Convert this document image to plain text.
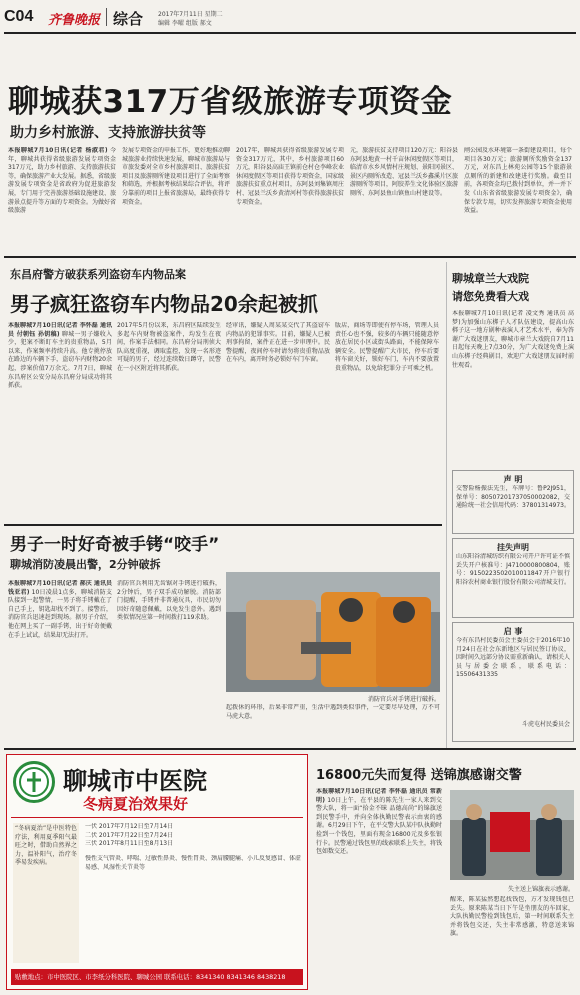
C04 齐鲁晚报 综合 2017年7月11日 星期二
编辑 李曜 组版 郝文
聊城获317万省级旅游专项资金
助力乡村旅游、支持旅游扶贫等
本报聊城7月10日讯(记者 杨淑君) 今年，聊城共获得省级旅游发展专项资金317万元，助力乡村旅游、支持旅游扶贫等，确保旅游产业大发展。据悉，省级旅游发展专项资金是省政府为促进旅游发展，专门用于完善旅游基础设施建设、旅游景点提升等方面的专项资金。为做好省级旅游
发展专项资金的申报工作，更好地推动聊城旅游业持续快速发展，聊城市旅游局与市旅发委对全市乡村旅游项目、旅游扶贫项目及旅游厕所建设项目进行了全面考察和筛选，并根据考核结果综合评估，将评分靠前的项目上报省旅游局，最终获得专项资金。
2017年，聊城共获得省级旅游发展专项资金317万元，其中，乡村旅游项目60万元，阳谷县高庙王镇前仓村仓李峰农业休闲度假区等项目获得专项资金，国家级旅游扶贫重点村项目，东阿县刘集镇周庄村、冠县兰沃乡黄清河村等获得旅游扶贫专项资金。
元，旅游扶贫支持项目120万元：阳谷县东阿县地黄一村千亩休闲度假区等项目，临清市水乡风情村庄规划、景阳冈景区、景区内厕所改造、冠县兰沃乡鑫溪片区旅游厕所等项目，阿胶养生文化体验区旅游厕所、东阿县鱼山镇鱼山村建设等。
闸公园及水环境第一条街建设项目，每个项目各30万元；旅游厕所奖励资金137万元，对东昌上林苑公园等15个旅游景点厕所的新建和改建进行奖励。截至目前，各项资金均已拨付到单位，并一并下发《山东省省级旅游发展专项资金》，确保专款专用，切实发挥旅游专项资金使用效益。
东昌府警方破获系列盗窃车内物品案
男子疯狂盗窃车内物品20余起被抓
本报聊城7月10日讯(记者 李怀磊 通讯员 付朝钰 孙钥稿) 聊城一男子嫌收入少，犯案不断盯车主的贵重物品，5月以来，作案频率持续升高。他专挑停放在路边的车辆下手，盗窃车内财物20余起，涉案价值7万余元。7月7日，聊城东昌府区公安分局东昌府分局成功将其抓获。
2017年5月份以来，东昌府区陆续发生多起车内财物被盗案件，均发生在夜间，作案手法相同。东昌府分局刑侦大队高度重视，调取监控，发现一名形迹可疑的男子，经过连续数日蹲守，民警在一小区附近将其抓获。
经审讯，嫌疑人周某某交代了其盗窃车内物品的犯罪事实。目前，嫌疑人已被刑事拘留，案件正在进一步审理中。民警提醒，夜间停车时请勿将贵重物品放在车内，离开时务必锁好车门车窗。
版店，商场等即使有停车场，管理人员责任心也不强，较多的车辆只能随意停放在居民小区或街头路面，不能保障车辆安全。民警提醒广大市民，停车后要将车窗关好，锁好车门，车内不要放置贵重物品，以免给犯罪分子可乘之机。
聊城章兰大戏院
请您免费看大戏
本报聊城7月10日讯(记者 凌文秀 通讯员 高梦)为加强山东梆子人才队伍建设，提高山东梆子这一地方剧种表演人才艺术水平，奉为答谢广大戏迷朋友，聊城市章兰大戏院自7月11日起每天晚上7点30分，为广大戏迷免费上演山东梆子经典剧目，欢迎广大戏迷朋友届时前往观看。
声 明
交警险杨振法先生，车牌号：鲁P2J951，保单号：80507201737050002082，交通险统一社会信用代码：37801314973。
挂失声明
山东阳谷清城纺织有限公司开户许可证不慎丢失开户核准号：J4710000800804，账号：9150223502010011847开户银行阳谷农村商业银行股份有限公司清城支行。
启 事
今有东昌村民委员会主委员会于2016年10月24日在社会东新地区与居民签订协议，因时间久远部分协议需重新确认，请相关人员与居委会联系，联系电话：15506431335
斗虎屯村民委员会
男子一时好奇被手铐“咬手”
聊城消防凌晨出警，2分钟破拆
本报聊城7月10日讯(记者 郝庆 通讯员 钱亚君) 10日凌晨1点多，聊城消防支队接到一起警情，一男子将手铐戴在了自己手上，钥匙却找不到了。接警后，消防官兵迅速赶到现场。据男子介绍，他在网上买了一副手铐，出于好奇便戴在手上试试，结果却无法打开。
消防官兵利用无齿锯对手铐进行破拆，2分钟后，男子双手成功解脱。消防部门提醒，手铐并非普通玩具，市民切勿因好奇随意佩戴，以免发生意外。遇到类似情况应第一时间拨打119求助。
消防官兵对手铐进行破拆。
起拨休的环形，后果非常严重，生活中遇到类似事件，一定要尽早处理，万不可马虎大意。
聊城市中医院
冬病夏治效果好
“冬病夏治”是中医特色疗法，利用夏季阳气最旺之时，借助自然界之力，温补阳气，治疗冬季易发疾病。
一伏 2017年7月12日至7月14日
二伏 2017年7月22日至7月24日
三伏 2017年8月11日至8月13日
慢性支气管炎、哮喘、过敏性鼻炎、慢性胃炎、颈肩腰腿痛、小儿反复感冒、体虚易感、风湿性关节炎等
贴敷地点：市中医院区、市李纸分科医院、聊城公园 联系电话：8341340 8341346 8438218
16800元失而复得 送锦旗感谢交警
本报聊城7月10日讯(记者 李怀磊 通讯员 常新明) 10日上午，在平县的陈先生一家人来到交警大队，将一面“拾金不昧 品德高尚”的锦旗送到民警手中，并向全体执勤民警表示由衷的感谢。6月29日下午，在平交警大队某中队执勤时捡到一个钱包，里面有现金16800元及多张银行卡。民警通过钱包里的线索联系上失主，将钱包如数交还。
失主送上锦旗表示感谢。
醒来，陈某猛然想起找钱包，方才发现钱包已丢失。原来陈某当日下午是坐朋友的车回家，大队执勤民警捡到钱包后，第一时间联系失主并将钱包交还，失主非常感激，特意送来锦旗。
